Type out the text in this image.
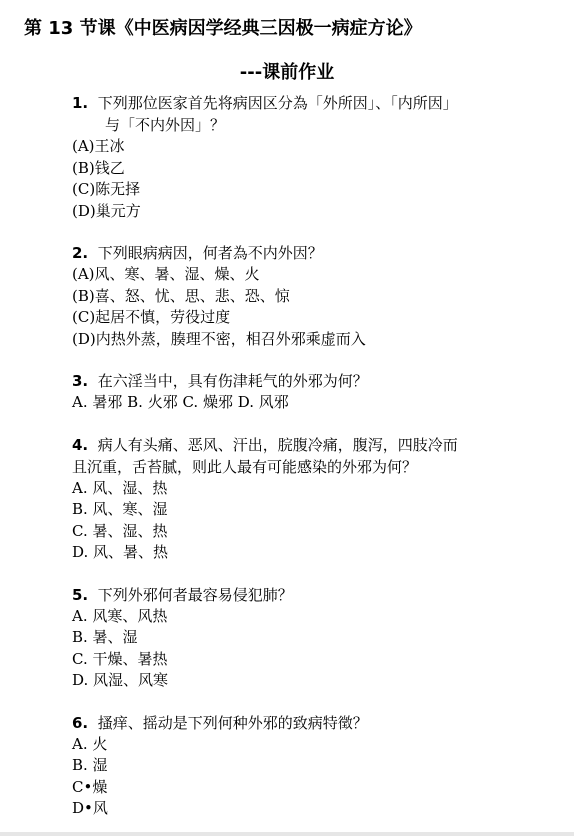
第 13 节课《中医病因学经典三因极一病症方论》
---课前作业
1. 下列那位医家首先将病因区分為「外所因」、「内所因」
与「不内外因」？
(A)王冰
(B)钱乙
(C)陈无择
(D)巢元方
2. 下列眼病病因，何者為不内外因？
(A)风、寒、暑、湿、燥、火
(B)喜、怒、忧、思、悲、恐、惊
(C)起居不慎，劳役过度
(D)内热外蒸，腠理不密，相召外邪乘虚而入
3. 在六淫当中，具有伤津耗气的外邪为何？
A. 暑邪 B. 火邪 C. 燥邪 D. 风邪
4. 病人有头痛、恶风、汗出，脘腹冷痛，腹泻，四肢冷而
且沉重，舌苔腻，则此人最有可能感染的外邪为何？
A. 风、湿、热
B. 风、寒、湿
C. 暑、湿、热
D. 风、暑、热
5. 下列外邪何者最容易侵犯肺？
A. 风寒、风热
B. 暑、湿
C. 干燥、暑热
D. 风湿、风寒
6. 搔痒、摇动是下列何种外邪的致病特徵？
A. 火
B. 湿
C•燥
D•风
